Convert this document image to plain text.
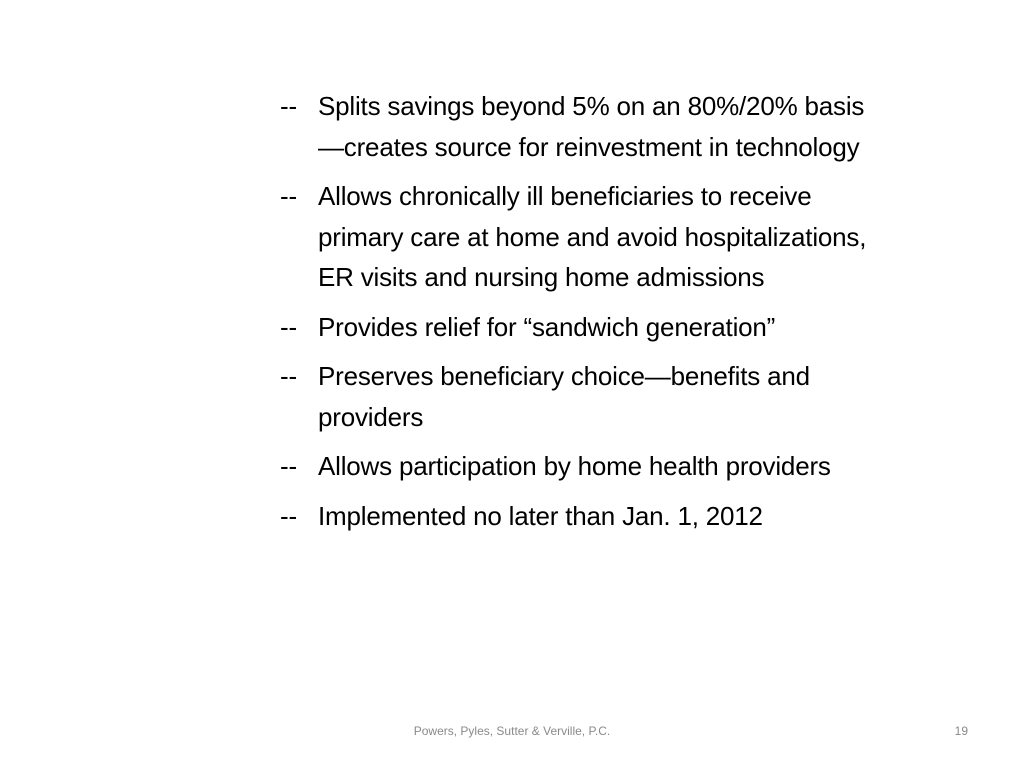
-- Splits savings beyond 5% on an 80%/20% basis—creates source for reinvestment in technology
-- Allows chronically ill beneficiaries to receive primary care at home and avoid hospitalizations, ER visits and nursing home admissions
-- Provides relief for “sandwich generation”
-- Preserves beneficiary choice—benefits and providers
-- Allows participation by home health providers
-- Implemented no later than Jan. 1, 2012
Powers, Pyles, Sutter & Verville, P.C.	19
